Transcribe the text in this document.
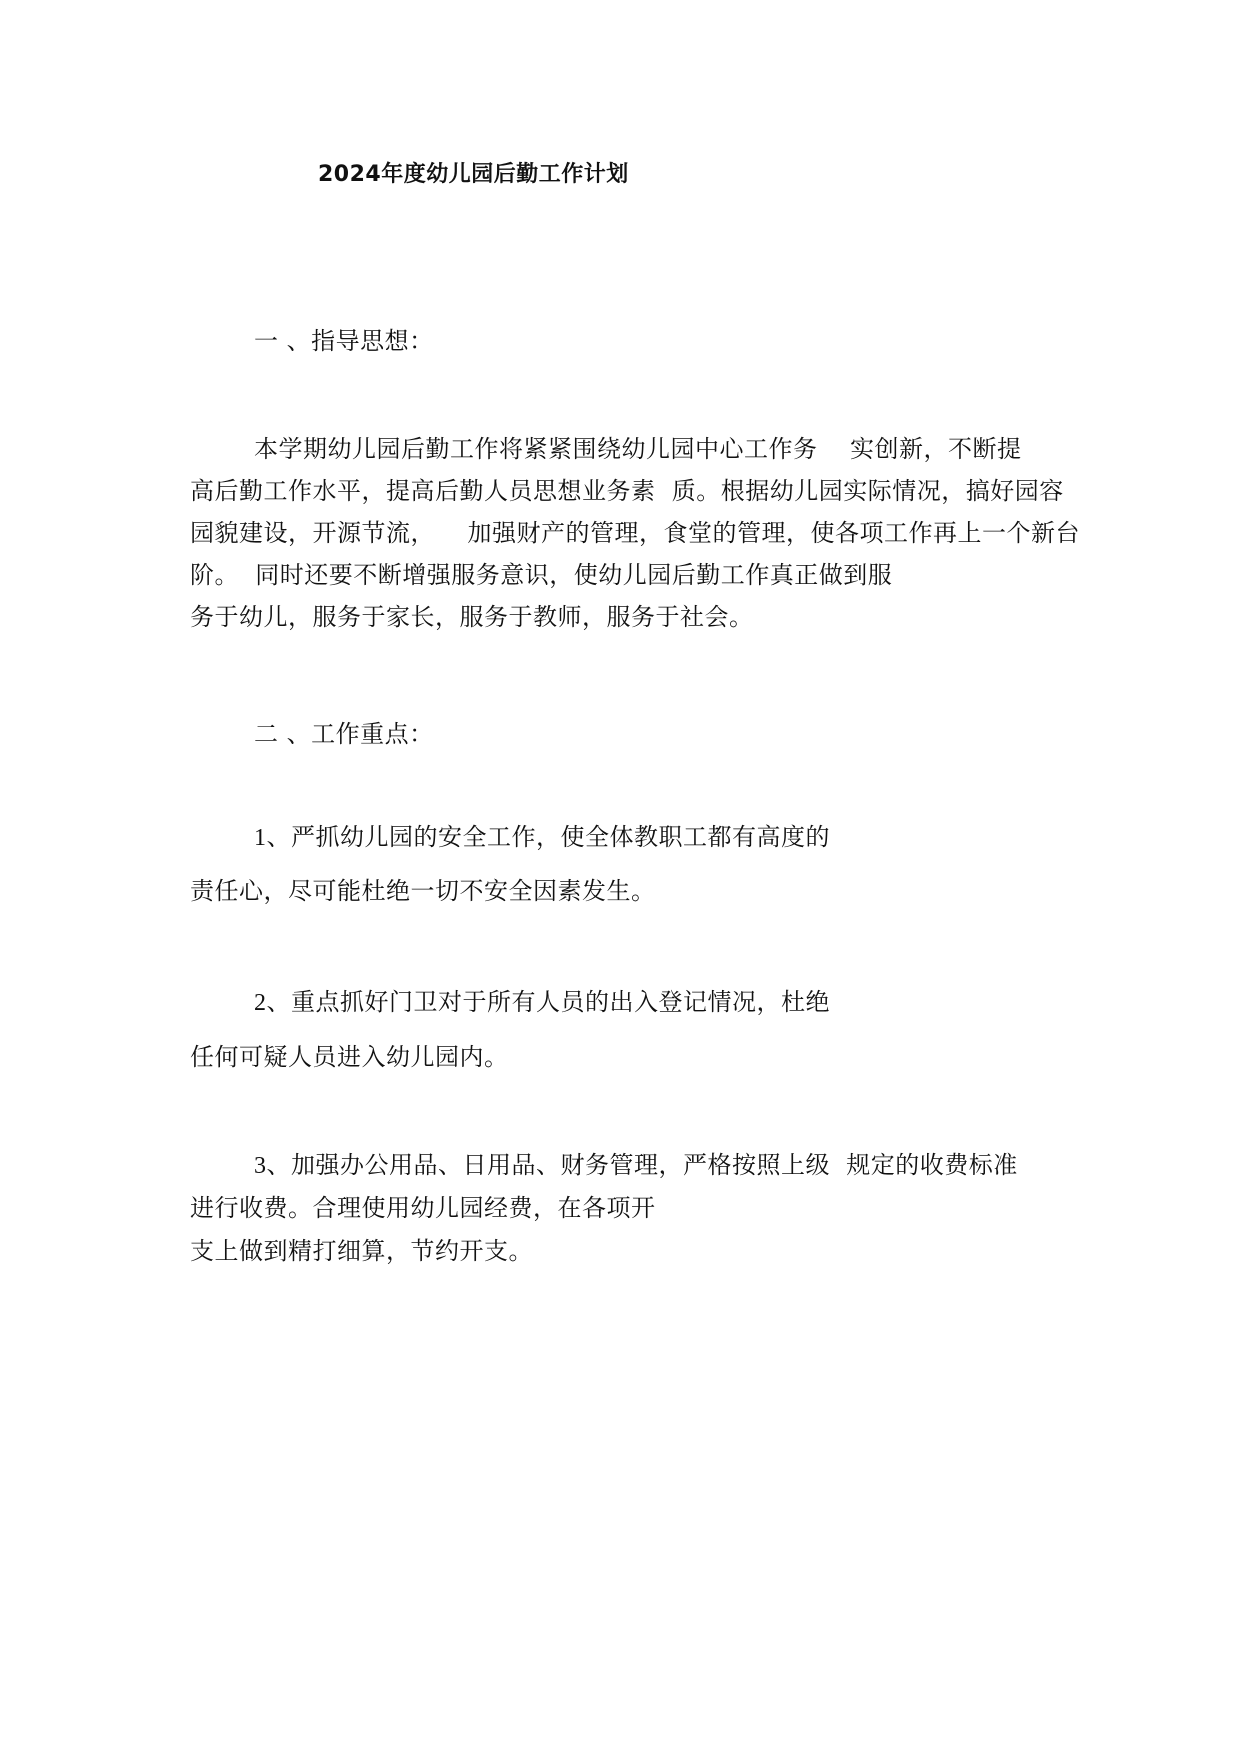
2024年度幼儿园后勤工作计划
一 、指导思想：
本学期幼儿园后勤工作将紧紧围绕幼儿园中心工作务    实创新，不断提
高后勤工作水平，提高后勤人员思想业务素  质。根据幼儿园实际情况，搞好园容
园貌建设，开源节流，    加强财产的管理，食堂的管理，使各项工作再上一个新台
阶。  同时还要不断增强服务意识，使幼儿园后勤工作真正做到服
务于幼儿，服务于家长，服务于教师，服务于社会。
二 、工作重点：
1、严抓幼儿园的安全工作，使全体教职工都有高度的
责任心，尽可能杜绝一切不安全因素发生。
2、重点抓好门卫对于所有人员的出入登记情况，杜绝
任何可疑人员进入幼儿园内。
3、加强办公用品、日用品、财务管理，严格按照上级  规定的收费标准
进行收费。合理使用幼儿园经费，在各项开
支上做到精打细算，节约开支。
